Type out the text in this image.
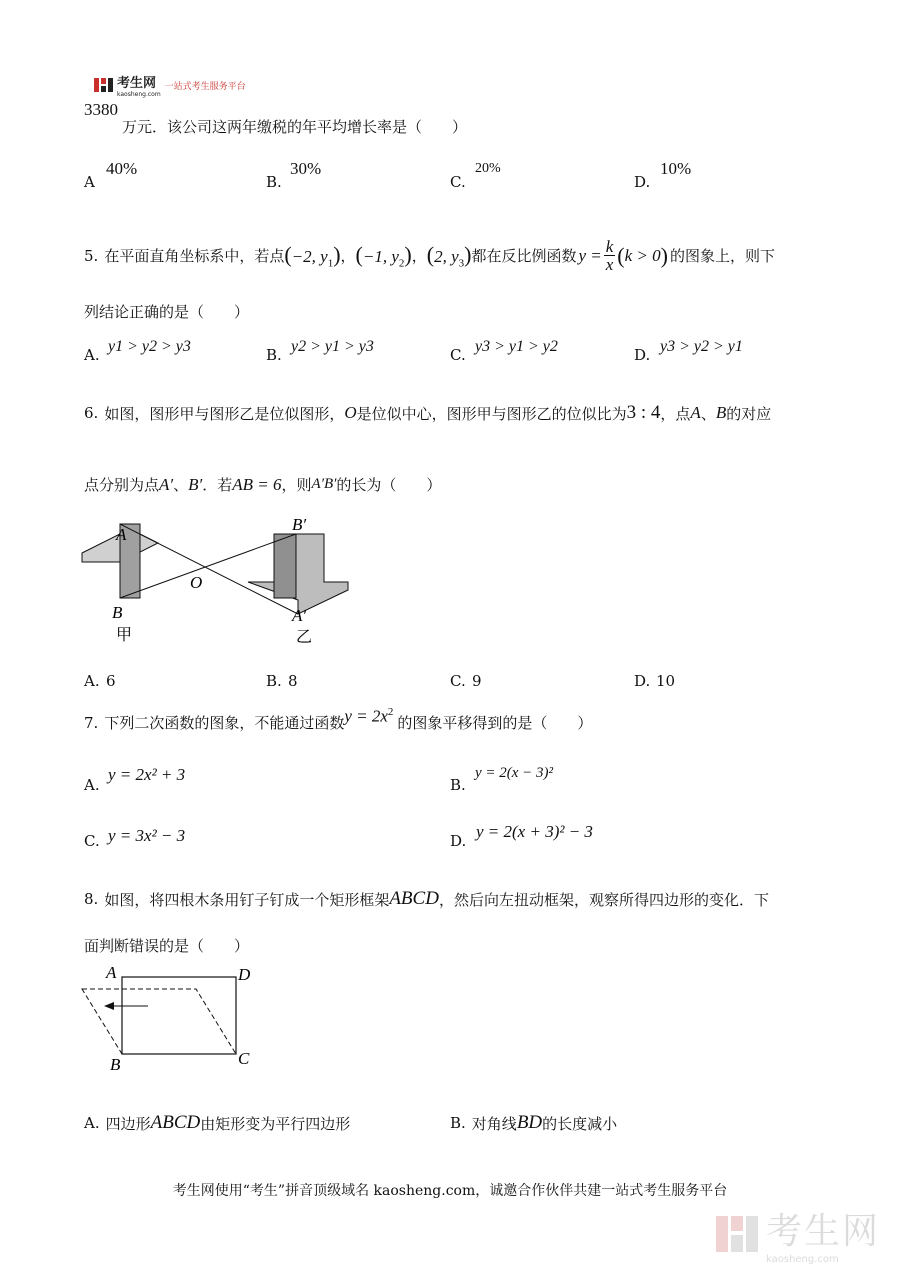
考生网
kaosheng.com
一站式考生服务平台
3380
万元．该公司这两年缴税的年平均增长率是（　　）
A
40%
B.
30%
C.
20%
D.
10%
5. 在平面直角坐标系中，若点 (−2, $y_1$) ， (−1, $y_2$) ， (2, $y_3$) 都在反比例函数 $y = \frac{k}{x}$ ( k > 0 ) 的图象上，则下
列结论正确的是（　　）
A. y1 > y2 > y3	B. y2 > y1 > y3	C. y3 > y1 > y2	D. y3 > y2 > y1
6. 如图，图形甲与图形乙是位似图形， O 是位似中心，图形甲与图形乙的位似比为 3 : 4 ，点 A 、 B 的对应
点分别为点 A′ 、 B′ ．若 AB = 6 ，则 A′B′ 的长为（　　）
A
B
O
B′
A′
甲	乙
A. 6	B. 8	C. 9	D. 10
7. 下列二次函数的图象，不能通过函数 $y = 2x^2$
的图象平移得到的是（　　）
A.
y = 2x² + 3
B.
y = 2(x − 3)²
C. y = 3x² − 3	D. y = 2(x + 3)² − 3
8. 如图，将四根木条用钉子钉成一个矩形框架 ABCD ，然后向左扭动框架，观察所得四边形的变化．下
面判断错误的是（　　）
A	D
B	C
A. 四边形 ABCD 由矩形变为平行四边形	B. 对角线 BD 的长度减小
考生网使用“考生”拼音顶级域名 kaosheng.com，诚邀合作伙伴共建一站式考生服务平台
考生网
kaosheng.com
